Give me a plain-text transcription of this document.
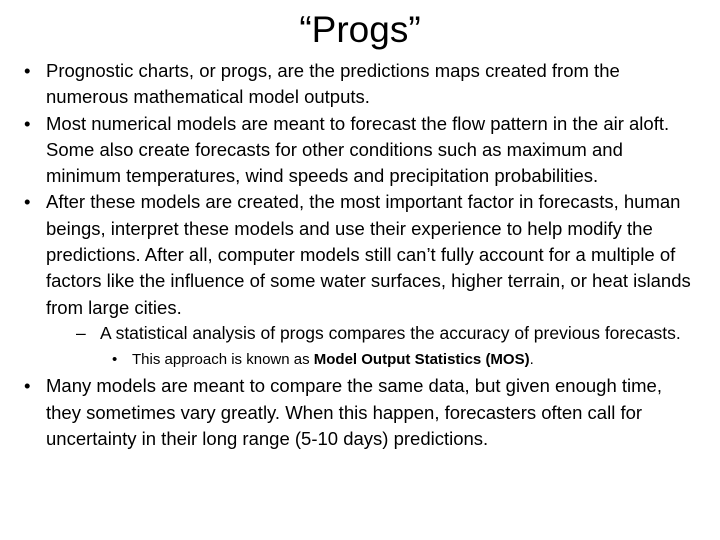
“Progs”
• Prognostic charts, or progs, are the predictions maps created from the numerous mathematical model outputs.
• Most numerical models are meant to forecast the flow pattern in the air aloft. Some also create forecasts for other conditions such as maximum and minimum temperatures, wind speeds and precipitation probabilities.
• After these models are created, the most important factor in forecasts, human beings, interpret these models and use their experience to help modify the predictions. After all, computer models still can’t fully account for a multiple of factors like the influence of some water surfaces, higher terrain, or heat islands from large cities.
– A statistical analysis of progs compares the accuracy of previous forecasts.
• This approach is known as Model Output Statistics (MOS).
• Many models are meant to compare the same data, but given enough time, they sometimes vary greatly. When this happen, forecasters often call for uncertainty in their long range (5-10 days) predictions.
